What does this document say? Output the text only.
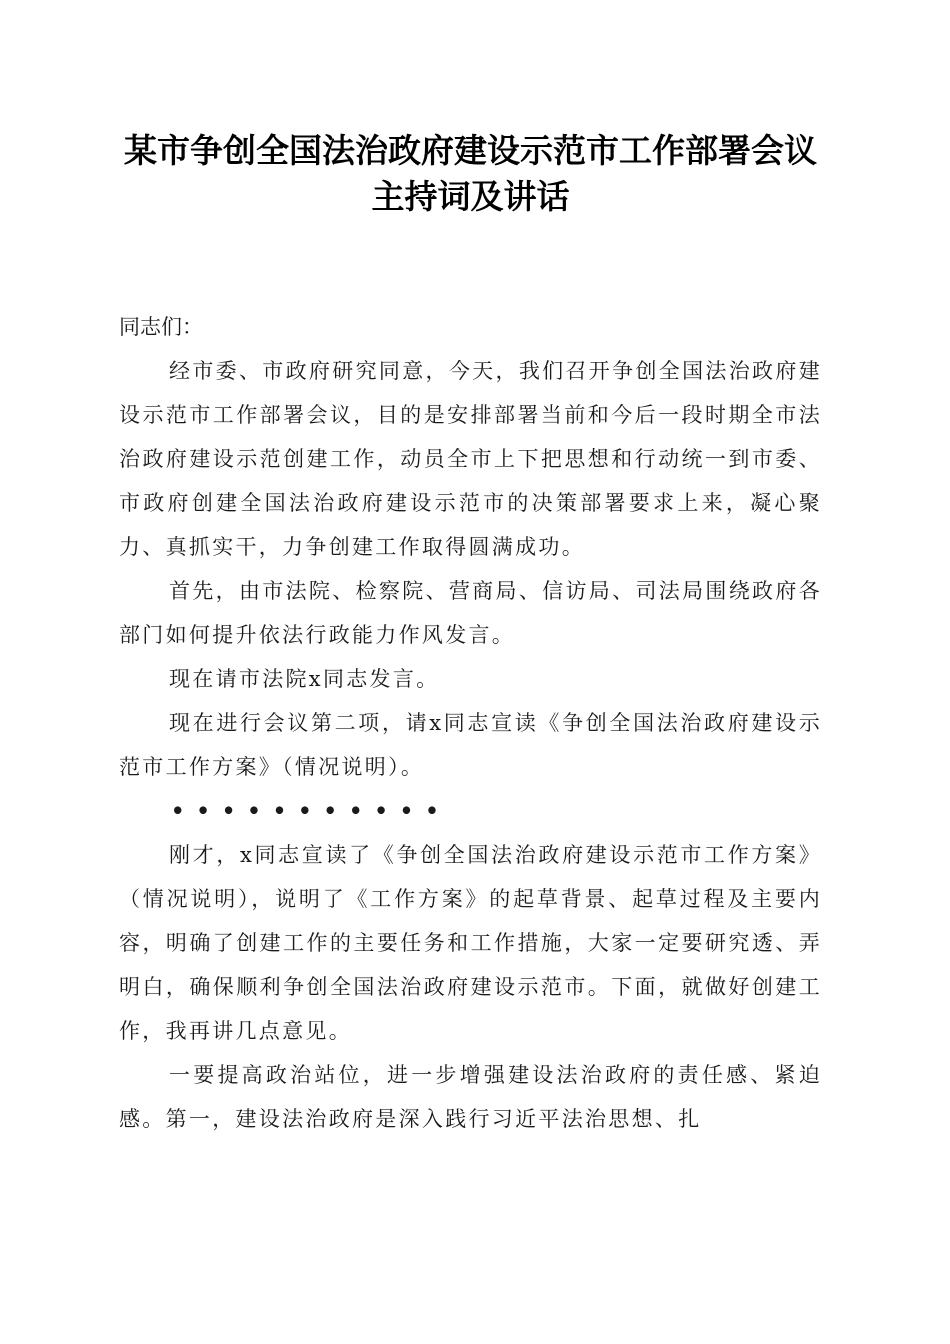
某市争创全国法治政府建设示范市工作部署会议主持词及讲话

同志们：

经市委、市政府研究同意，今天，我们召开争创全国法治政府建设示范市工作部署会议，目的是安排部署当前和今后一段时期全市法治政府建设示范创建工作，动员全市上下把思想和行动统一到市委、市政府创建全国法治政府建设示范市的决策部署要求上来，凝心聚力、真抓实干，力争创建工作取得圆满成功。

首先，由市法院、检察院、营商局、信访局、司法局围绕政府各部门如何提升依法行政能力作风发言。

现在请市法院x同志发言。

现在进行会议第二项，请x同志宣读《争创全国法治政府建设示范市工作方案》（情况说明）。

•••••••••••

刚才，x同志宣读了《争创全国法治政府建设示范市工作方案》（情况说明），说明了《工作方案》的起草背景、起草过程及主要内容，明确了创建工作的主要任务和工作措施，大家一定要研究透、弄明白，确保顺利争创全国法治政府建设示范市。下面，就做好创建工作，我再讲几点意见。

一要提高政治站位，进一步增强建设法治政府的责任感、紧迫感。第一，建设法治政府是深入践行习近平法治思想、扎
